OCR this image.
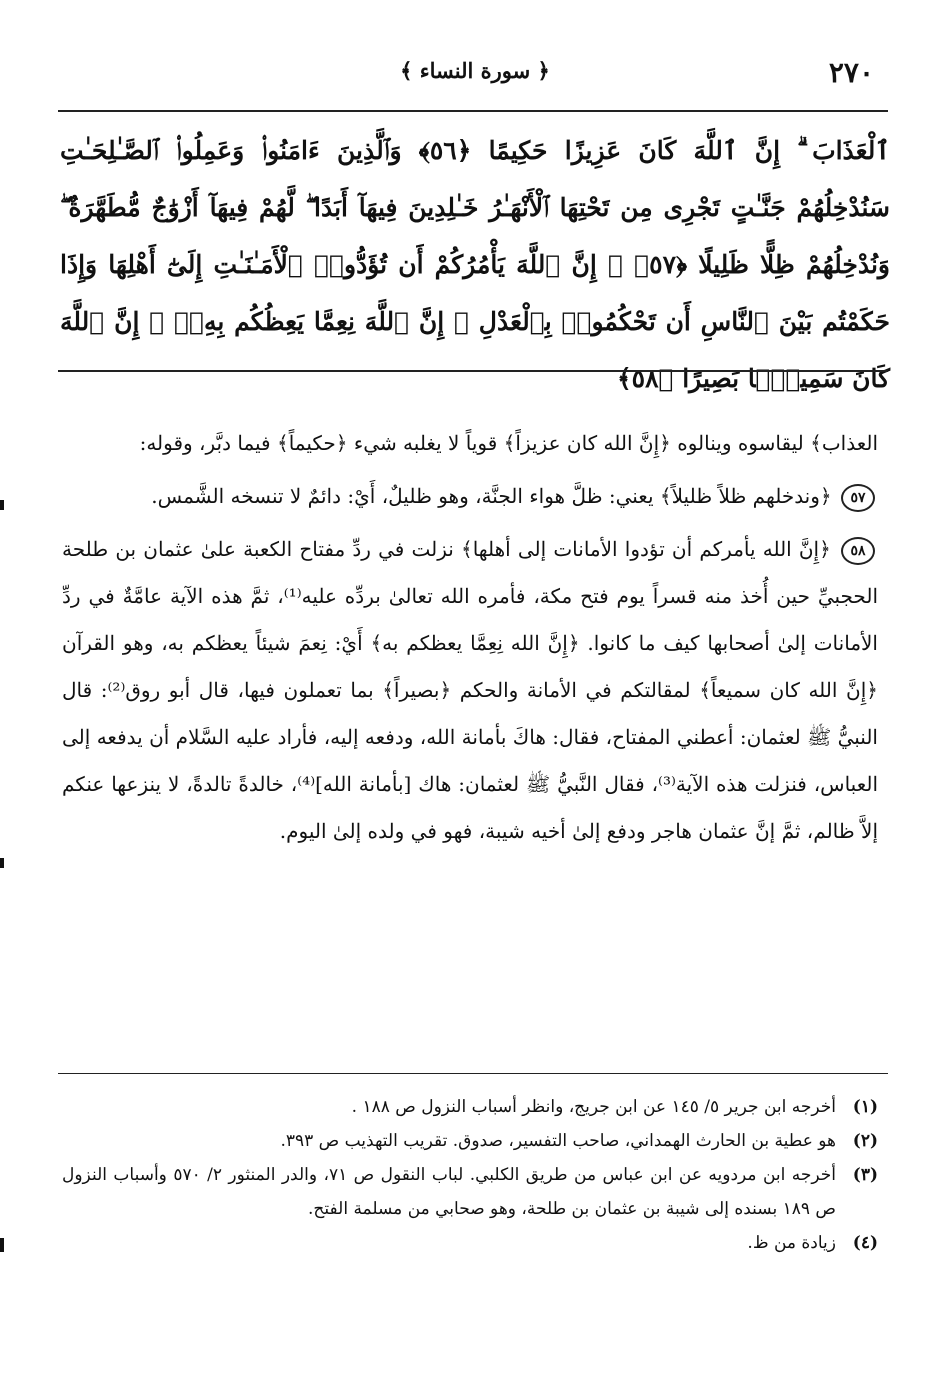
٢٧٠
﴿ سورة النساء ﴾
ٱلْعَذَابَ ۗ إِنَّ ٱللَّهَ كَانَ عَزِيزًا حَكِيمًا ﴿٥٦﴾ وَٱلَّذِينَ ءَامَنُوا۟ وَعَمِلُوا۟ ٱلصَّـٰلِحَـٰتِ سَنُدْخِلُهُمْ جَنَّـٰتٍ تَجْرِى مِن تَحْتِهَا ٱلْأَنْهَـٰرُ خَـٰلِدِينَ فِيهَآ أَبَدًا ۖ لَّهُمْ فِيهَآ أَزْوَٰجٌ مُّطَهَّرَةٌ ۖ وَنُدْخِلُهُمْ ظِلًّا ظَلِيلًا ﴿٥٧﴾ ۞ إِنَّ ٱللَّهَ يَأْمُرُكُمْ أَن تُؤَدُّوا۟ ٱلْأَمَـٰنَـٰتِ إِلَىٰٓ أَهْلِهَا وَإِذَا حَكَمْتُم بَيْنَ ٱلنَّاسِ أَن تَحْكُمُوا۟ بِٱلْعَدْلِ ۚ إِنَّ ٱللَّهَ نِعِمَّا يَعِظُكُم بِهِۦٓ ۗ إِنَّ ٱللَّهَ كَانَ سَمِيعًۢا بَصِيرًا ﴿٥٨﴾

العذاب﴾ ليقاسوه وينالوه ﴿إِنَّ الله كان عزيزاً﴾ قوياً لا يغلبه شيء ﴿حكيماً﴾ فيما دبَّر، وقوله:

٥٧ ﴿وندخلهم ظلاً ظليلاً﴾ يعني: ظلَّ هواء الجنَّة، وهو ظليلٌ، أَيْ: دائمٌ لا تنسخه الشَّمس.

٥٨ ﴿إِنَّ الله يأمركم أن تؤدوا الأمانات إلى أهلها﴾ نزلت في ردِّ مفتاح الكعبة علىٰ عثمان بن طلحة الحجبيِّ حين أُخذ منه قسراً يوم فتح مكة، فأمره الله تعالىٰ بردِّه عليه⁽¹⁾، ثمَّ هذه الآية عامَّةٌ في ردِّ الأمانات إلىٰ أصحابها كيف ما كانوا. ﴿إِنَّ الله نِعِمَّا يعظكم به﴾ أَيْ: نِعمَ شيئاً يعظكم به، وهو القرآن ﴿إِنَّ الله كان سميعاً﴾ لمقالتكم في الأمانة والحكم ﴿بصيراً﴾ بما تعملون فيها، قال أبو روق⁽²⁾: قال النبيُّ ﷺ لعثمان: أعطني المفتاح، فقال: هاكَ بأمانة الله، ودفعه إليه، فأراد عليه السَّلام أن يدفعه إلى العباس، فنزلت هذه الآية⁽³⁾، فقال النَّبيُّ ﷺ لعثمان: هاك [بأمانة الله]⁽⁴⁾، خالدةً تالدةً، لا ينزعها عنكم إلاَّ ظالم، ثمَّ إنَّ عثمان هاجر ودفع إلىٰ أخيه شيبة، فهو في ولده إلىٰ اليوم.

(١)
أخرجه ابن جرير ٥/ ١٤٥ عن ابن جريج، وانظر أسباب النزول ص ١٨٨ .
(٢)
هو عطية بن الحارث الهمداني، صاحب التفسير، صدوق. تقريب التهذيب ص ٣٩٣.
(٣)
أخرجه ابن مردويه عن ابن عباس من طريق الكلبي. لباب النقول ص ٧١، والدر المنثور ٢/ ٥٧٠ وأسباب النزول ص ١٨٩ بسنده إلى شيبة بن عثمان بن طلحة، وهو صحابي من مسلمة الفتح.
(٤)
زيادة من ظ.
